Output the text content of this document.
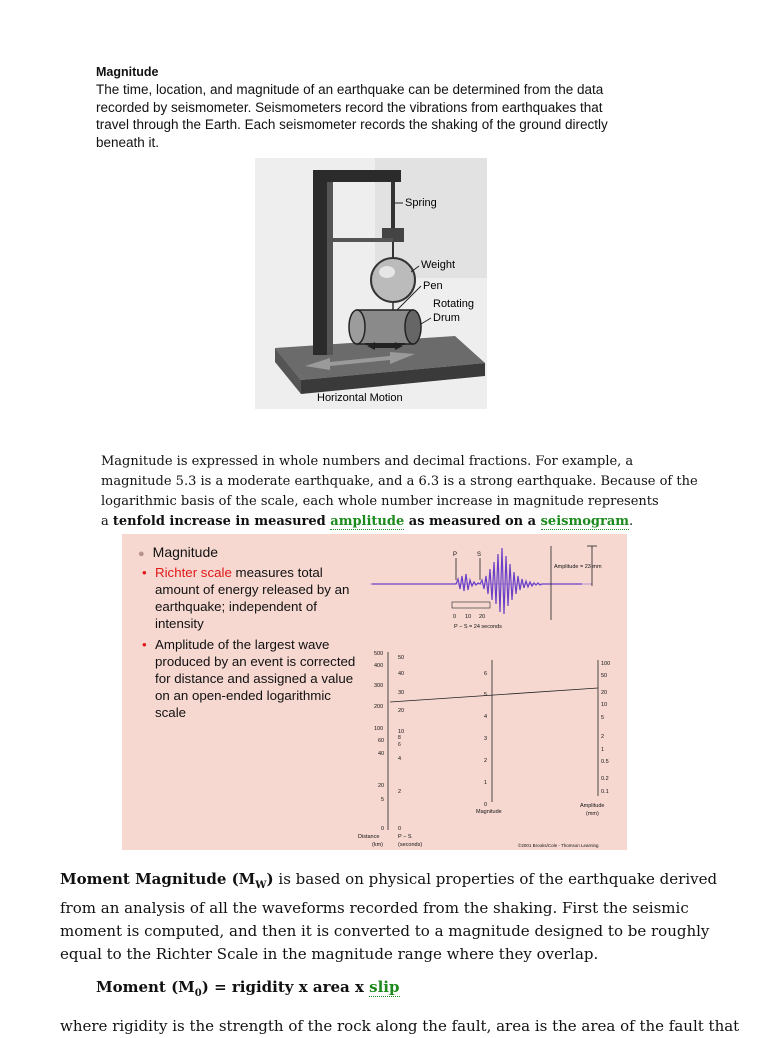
Magnitude

The time, location, and magnitude of an earthquake can be determined from the data

recorded by seismometer. Seismometers record the vibrations from earthquakes that

travel through the Earth. Each seismometer records the shaking of the ground directly

beneath it.

Spring
Weight
Pen
Rotating
Drum
Horizontal Motion

Magnitude is expressed in whole numbers and decimal fractions. For example, a

magnitude 5.3 is a moderate earthquake, and a 6.3 is a strong earthquake. Because of the

logarithmic basis of the scale, each whole number increase in magnitude represents

a tenfold increase in measured amplitude as measured on a seismogram.

● Magnitude
• Richter scale measures total amount of energy released by an earthquake; independent of intensity
• Amplitude of the largest wave produced by an event is corrected for distance and assigned a value on an open-ended logarithmic scale
P	S
Amplitude = 23 mm
0 10 20
P − S = 24 seconds
500
400
300
200
100
60
40
20
5
0
50
40
30
20
10
8
6
4
2
0
Distance
(km)
P − S
(seconds)
6
5
4
3
2
1
0
Magnitude
100
50
20
10
5
2
1
0.5
0.2
0.1
Amplitude
(mm)
©2001 Brooks/Cole - Thomson Learning

Moment Magnitude $(M_W)$ is based on physical properties of the earthquake derived

from an analysis of all the waveforms recorded from the shaking. First the seismic

moment is computed, and then it is converted to a magnitude designed to be roughly

equal to the Richter Scale in the magnitude range where they overlap.

Moment $(M_0)$ = rigidity x area x slip

where rigidity is the strength of the rock along the fault, area is the area of the fault that
